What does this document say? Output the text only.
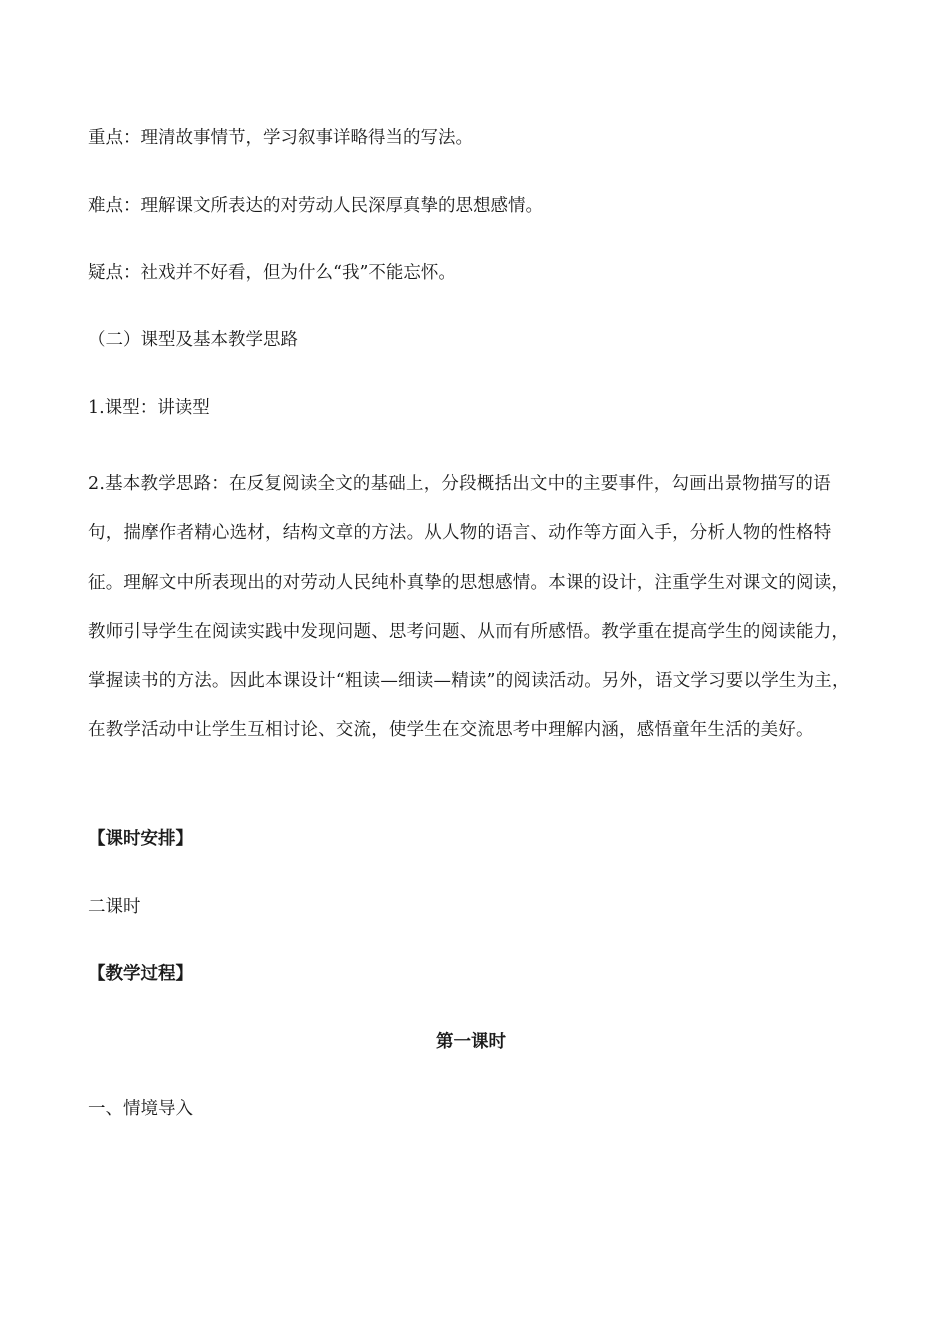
重点：理清故事情节，学习叙事详略得当的写法。

难点：理解课文所表达的对劳动人民深厚真挚的思想感情。

疑点：社戏并不好看，但为什么“我”不能忘怀。

（二）课型及基本教学思路

1.课型：讲读型

2.基本教学思路：在反复阅读全文的基础上，分段概括出文中的主要事件，勾画出景物描写的语句，揣摩作者精心选材，结构文章的方法。从人物的语言、动作等方面入手，分析人物的性格特征。理解文中所表现出的对劳动人民纯朴真挚的思想感情。本课的设计，注重学生对课文的阅读，教师引导学生在阅读实践中发现问题、思考问题、从而有所感悟。教学重在提高学生的阅读能力，掌握读书的方法。因此本课设计“粗读—细读—精读”的阅读活动。另外，语文学习要以学生为主，在教学活动中让学生互相讨论、交流，使学生在交流思考中理解内涵，感悟童年生活的美好。

【课时安排】

二课时

【教学过程】

第一课时

一、情境导入
